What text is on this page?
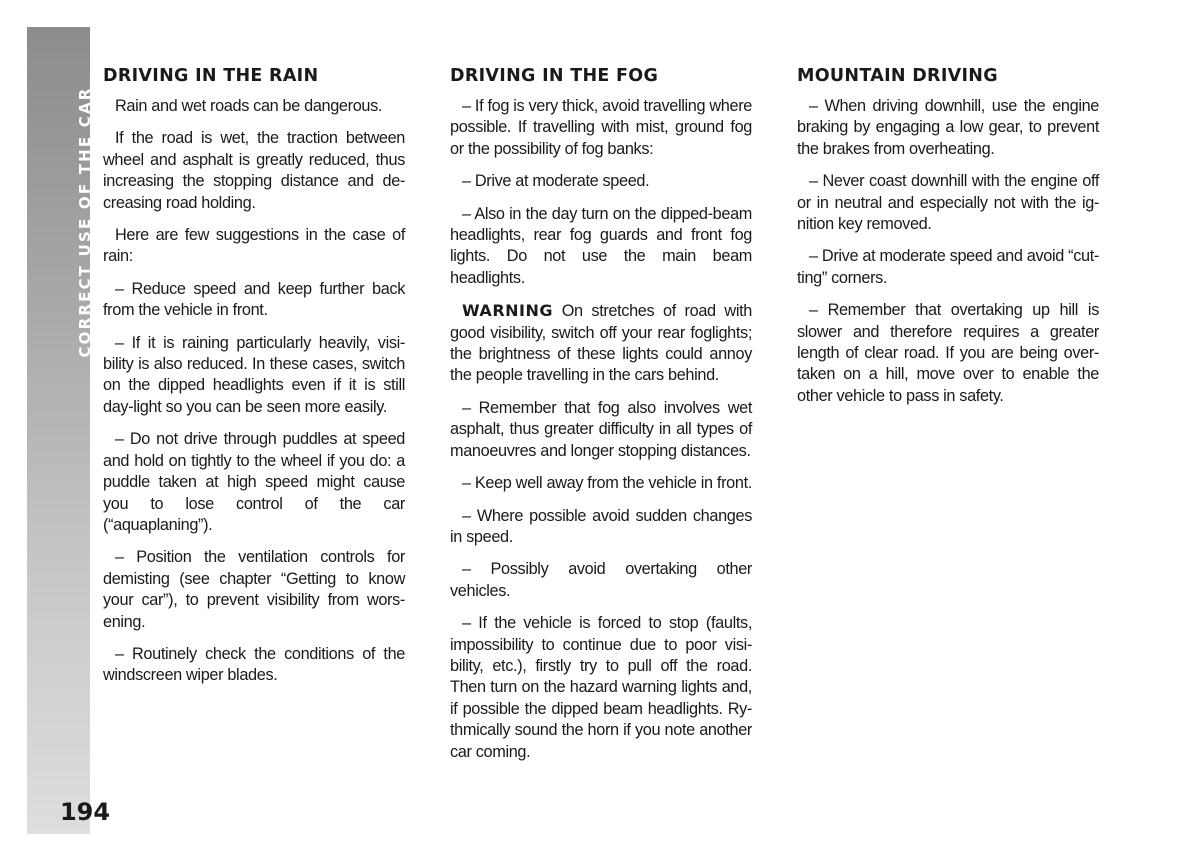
CORRECT USE OF THE CAR
194
DRIVING IN THE RAIN

Rain and wet roads can be dangerous.

If the road is wet, the traction between wheel and asphalt is greatly reduced, thus increasing the stopping distance and de-creasing road holding.

Here are few suggestions in the case of rain:

– Reduce speed and keep further back from the vehicle in front.

– If it is raining particularly heavily, visi-bility is also reduced. In these cases, switch on the dipped headlights even if it is still day-light so you can be seen more easily.

– Do not drive through puddles at speed and hold on tightly to the wheel if you do: a puddle taken at high speed might cause you to lose control of the car (“aquaplaning”).

– Position the ventilation controls for demisting (see chapter “Getting to know your car”), to prevent visibility from wors-ening.

– Routinely check the conditions of the windscreen wiper blades.

DRIVING IN THE FOG

– If fog is very thick, avoid travelling where possible. If travelling with mist, ground fog or the possibility of fog banks:

– Drive at moderate speed.

– Also in the day turn on the dipped-beam headlights, rear fog guards and front fog lights. Do not use the main beam headlights.

WARNING On stretches of road with good visibility, switch off your rear foglights; the brightness of these lights could annoy the people travelling in the cars behind.

– Remember that fog also involves wet asphalt, thus greater difficulty in all types of manoeuvres and longer stopping distances.

– Keep well away from the vehicle in front.

– Where possible avoid sudden changes in speed.

– Possibly avoid overtaking other vehicles.

– If the vehicle is forced to stop (faults, impossibility to continue due to poor visi-bility, etc.), firstly try to pull off the road. Then turn on the hazard warning lights and, if possible the dipped beam headlights. Ry-thmically sound the horn if you note another car coming.

MOUNTAIN DRIVING

– When driving downhill, use the engine braking by engaging a low gear, to prevent the brakes from overheating.

– Never coast downhill with the engine off or in neutral and especially not with the ig-nition key removed.

– Drive at moderate speed and avoid “cut-ting” corners.

– Remember that overtaking up hill is slower and therefore requires a greater length of clear road. If you are being over-taken on a hill, move over to enable the other vehicle to pass in safety.
